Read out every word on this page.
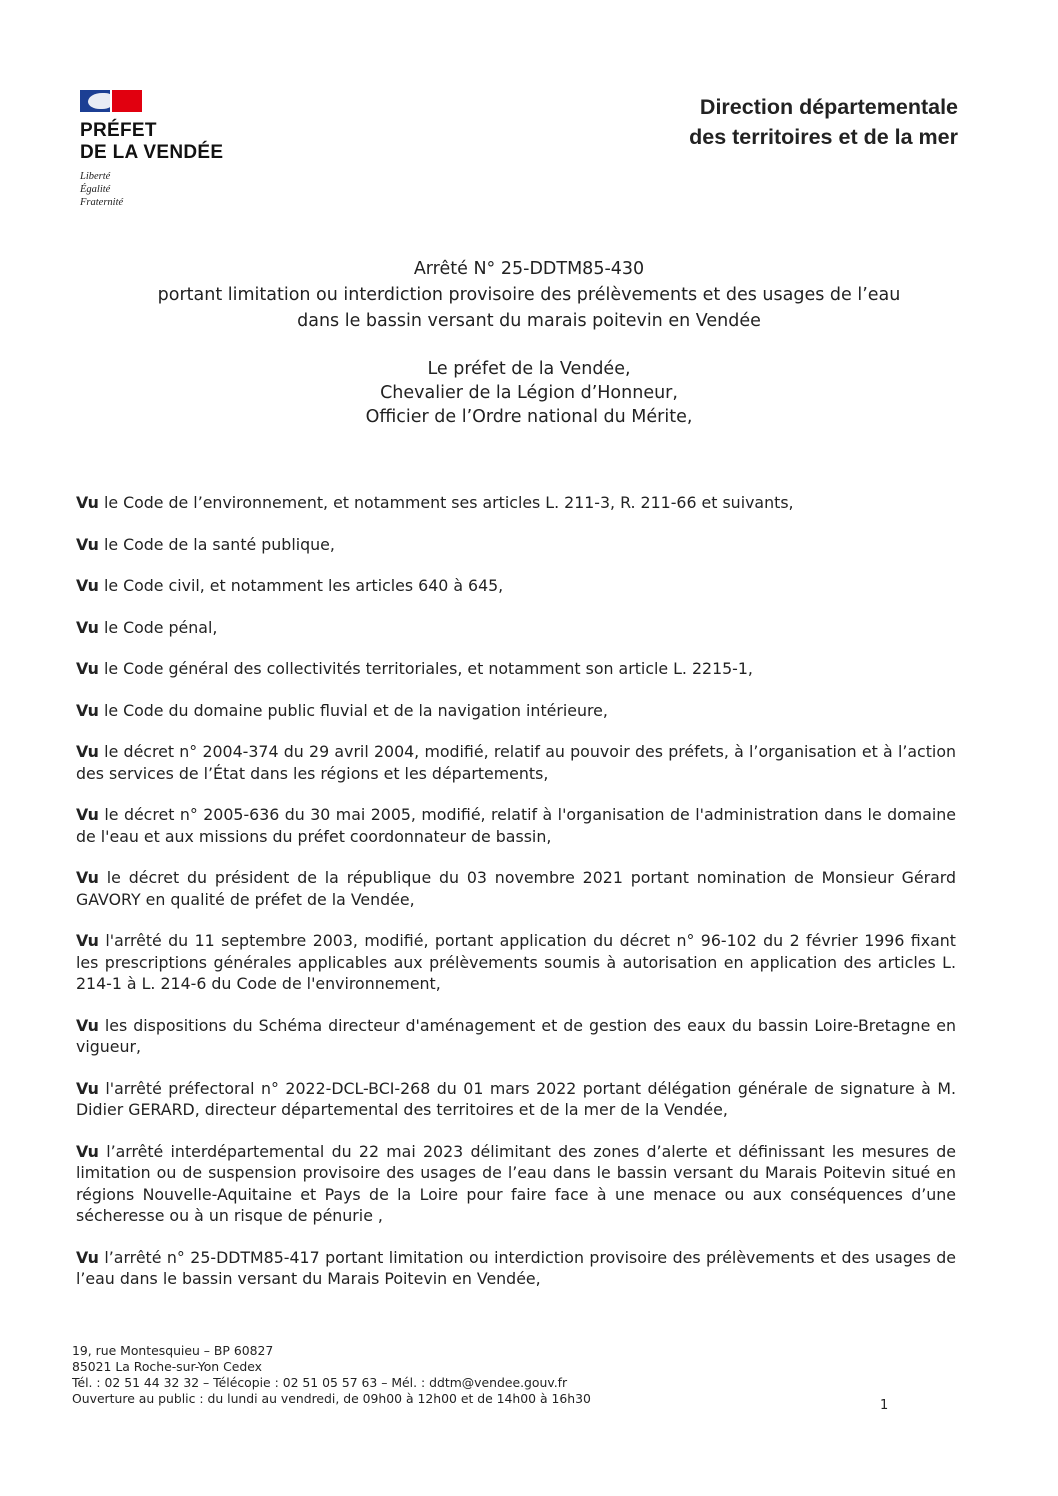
PRÉFET
DE LA VENDÉE
Liberté
Égalité
Fraternité
Direction départementale
des territoires et de la mer
Arrêté N° 25-DDTM85-430
portant limitation ou interdiction provisoire des prélèvements et des usages de l’eau
dans le bassin versant du marais poitevin en Vendée
Le préfet de la Vendée,
Chevalier de la Légion d’Honneur,
Officier de l’Ordre national du Mérite,

Vu le Code de l’environnement, et notamment ses articles L. 211-3, R. 211-66 et suivants,

Vu le Code de la santé publique,

Vu le Code civil, et notamment les articles 640 à 645,

Vu le Code pénal,

Vu le Code général des collectivités territoriales, et notamment son article L. 2215-1,

Vu le Code du domaine public fluvial et de la navigation intérieure,

Vu le décret n° 2004-374 du 29 avril 2004, modifié, relatif au pouvoir des préfets, à l’organisation et à l’action des services de l’État dans les régions et les départements,

Vu le décret n° 2005-636 du 30 mai 2005, modifié, relatif à l'organisation de l'administration dans le domaine de l'eau et aux missions du préfet coordonnateur de bassin,

Vu le décret du président de la république du 03 novembre 2021 portant nomination de Monsieur Gérard GAVORY en qualité de préfet de la Vendée,

Vu l'arrêté du 11 septembre 2003, modifié, portant application du décret n° 96-102 du 2 février 1996 fixant les prescriptions générales applicables aux prélèvements soumis à autorisation en application des articles L. 214-1 à L. 214-6 du Code de l'environnement,

Vu les dispositions du Schéma directeur d'aménagement et de gestion des eaux du bassin Loire-Bretagne en vigueur,

Vu l'arrêté préfectoral n° 2022-DCL-BCI-268 du 01 mars 2022 portant délégation générale de signature à M. Didier GERARD, directeur départemental des territoires et de la mer de la Vendée,

Vu l’arrêté interdépartemental du 22 mai 2023 délimitant des zones d’alerte et définissant les mesures de limitation ou de suspension provisoire des usages de l’eau dans le bassin versant du Marais Poitevin situé en régions Nouvelle-Aquitaine et Pays de la Loire pour faire face à une menace ou aux conséquences d’une sécheresse ou à un risque de pénurie ,

Vu l’arrêté n° 25-DDTM85-417 portant limitation ou interdiction provisoire des prélèvements et des usages de l’eau dans le bassin versant du Marais Poitevin en Vendée,

19, rue Montesquieu – BP 60827
85021 La Roche-sur-Yon Cedex
Tél. : 02 51 44 32 32 – Télécopie : 02 51 05 57 63 – Mél. : ddtm@vendee.gouv.fr
Ouverture au public : du lundi au vendredi, de 09h00 à 12h00 et de 14h00 à 16h30	1
